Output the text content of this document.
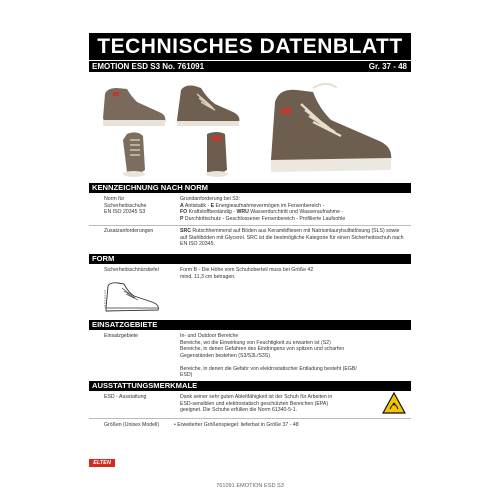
TECHNISCHES DATENBLATT
EMOTION ESD S3 No. 761091	Gr. 37 - 48
KENNZEICHNUNG NACH NORM
Norm für
Sicherheitsschuhe
EN ISO 20345 S3
Grundanforderung bei S3:
A Antistatik - E Energieaufnahmevermögen im Fersenbereich -
FO Kraftstoffbeständig - WRU Wasserdurchtritt und Wasseraufnahme -
P Durchtrittschutz - Geschlossener Fersenbereich - Profilierte Laufsohle
Zusatzanforderungen	SRC Rutschhemmend auf Böden aus Keramikfliesen mit Natriumlaurylsulfatlösung (SLS) sowie auf Stahlböden mit Glycerol. SRC ist die bestmögliche Kategorie für einen Sicherheitsschuh nach EN ISO 20345.
FORM
Sicherheitsschnürstiefel	Form B - Die Höhe vom Schuhoberteil muss bei Größe 42 mind. 11,3 cm betragen.
EINSATZGEBIETE
Einsatzgebiete	In- und Outdoor Bereiche
Bereiche, wo die Einwirkung von Feuchtigkeit zu erwarten ist (S2)
Bereiche, in denen Gefahren des Eindringens von spitzen und scharfen
Gegenständen bestehen (S3/S3L/S3S)
Bereiche, in denen die Gefahr von elektrostatischer Entladung besteht (EGB/
ESD)
AUSSTATTUNGSMERKMALE
ESD - Ausstattung	Dank seiner sehr guten Ableitfähigkeit ist der Schuh für Arbeiten in
ESD-sensiblen und elektrostatisch geschützten Bereichen (EPA)
geeignet. Die Schuhe erfüllen die Norm 61340-5-1.
Größen (Unisex Modell)	• Erweiterter Größenspiegel: lieferbar in Größe 37 - 48
ELTEN
761091 EMOTION ESD S3
